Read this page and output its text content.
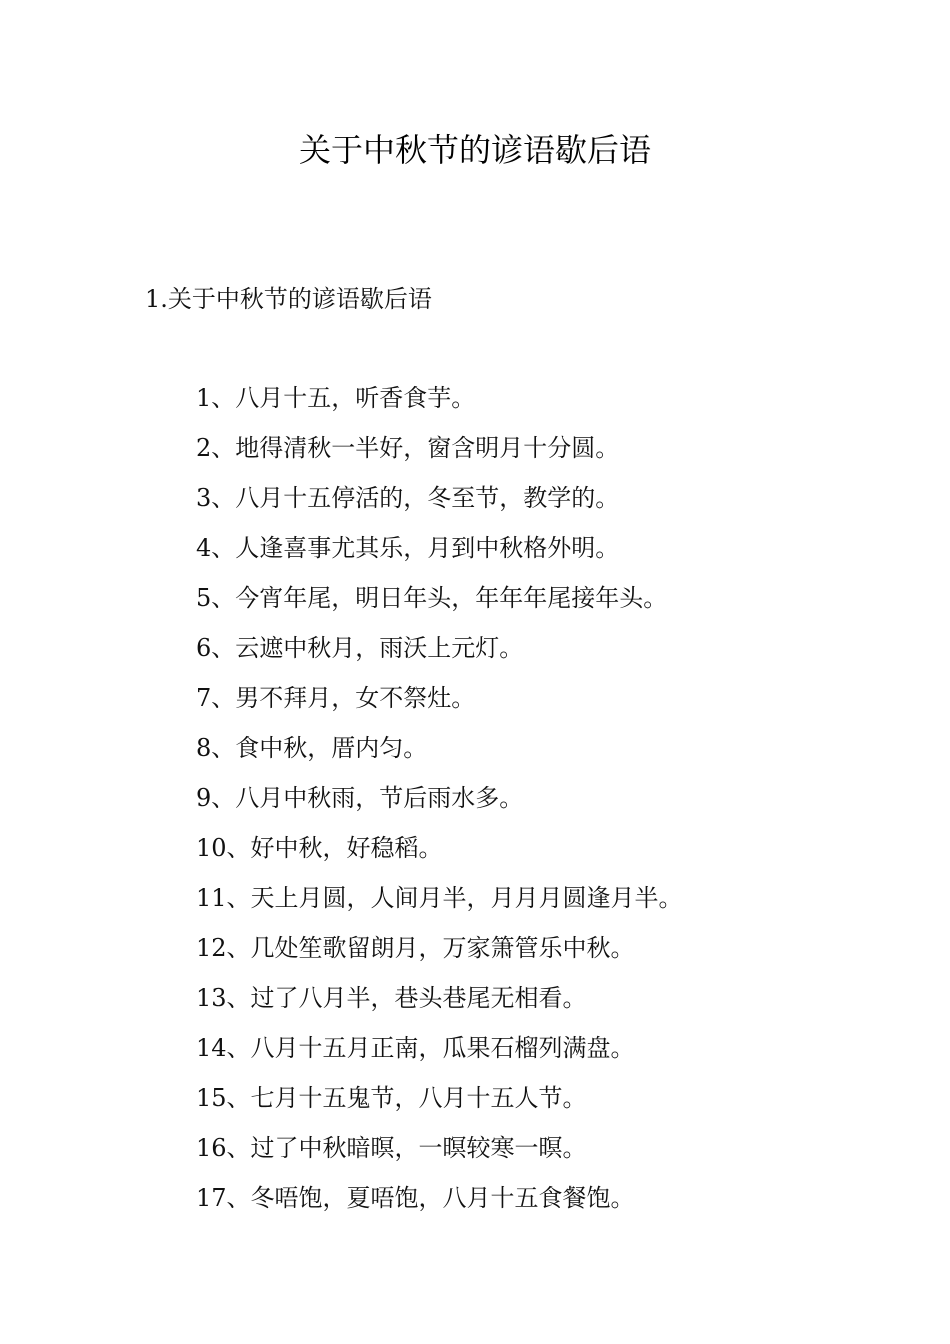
关于中秋节的谚语歇后语

1.关于中秋节的谚语歇后语

1、八月十五，听香食芋。
2、地得清秋一半好，窗含明月十分圆。
3、八月十五停活的，冬至节，教学的。
4、人逢喜事尤其乐，月到中秋格外明。
5、今宵年尾，明日年头，年年年尾接年头。
6、云遮中秋月，雨沃上元灯。
7、男不拜月，女不祭灶。
8、食中秋，厝内匀。
9、八月中秋雨，节后雨水多。
10、好中秋，好稳稻。
11、天上月圆，人间月半，月月月圆逢月半。
12、几处笙歌留朗月，万家箫管乐中秋。
13、过了八月半，巷头巷尾无相看。
14、八月十五月正南，瓜果石榴列满盘。
15、七月十五鬼节，八月十五人节。
16、过了中秋暗暝，一暝较寒一暝。
17、冬唔饱，夏唔饱，八月十五食餐饱。
